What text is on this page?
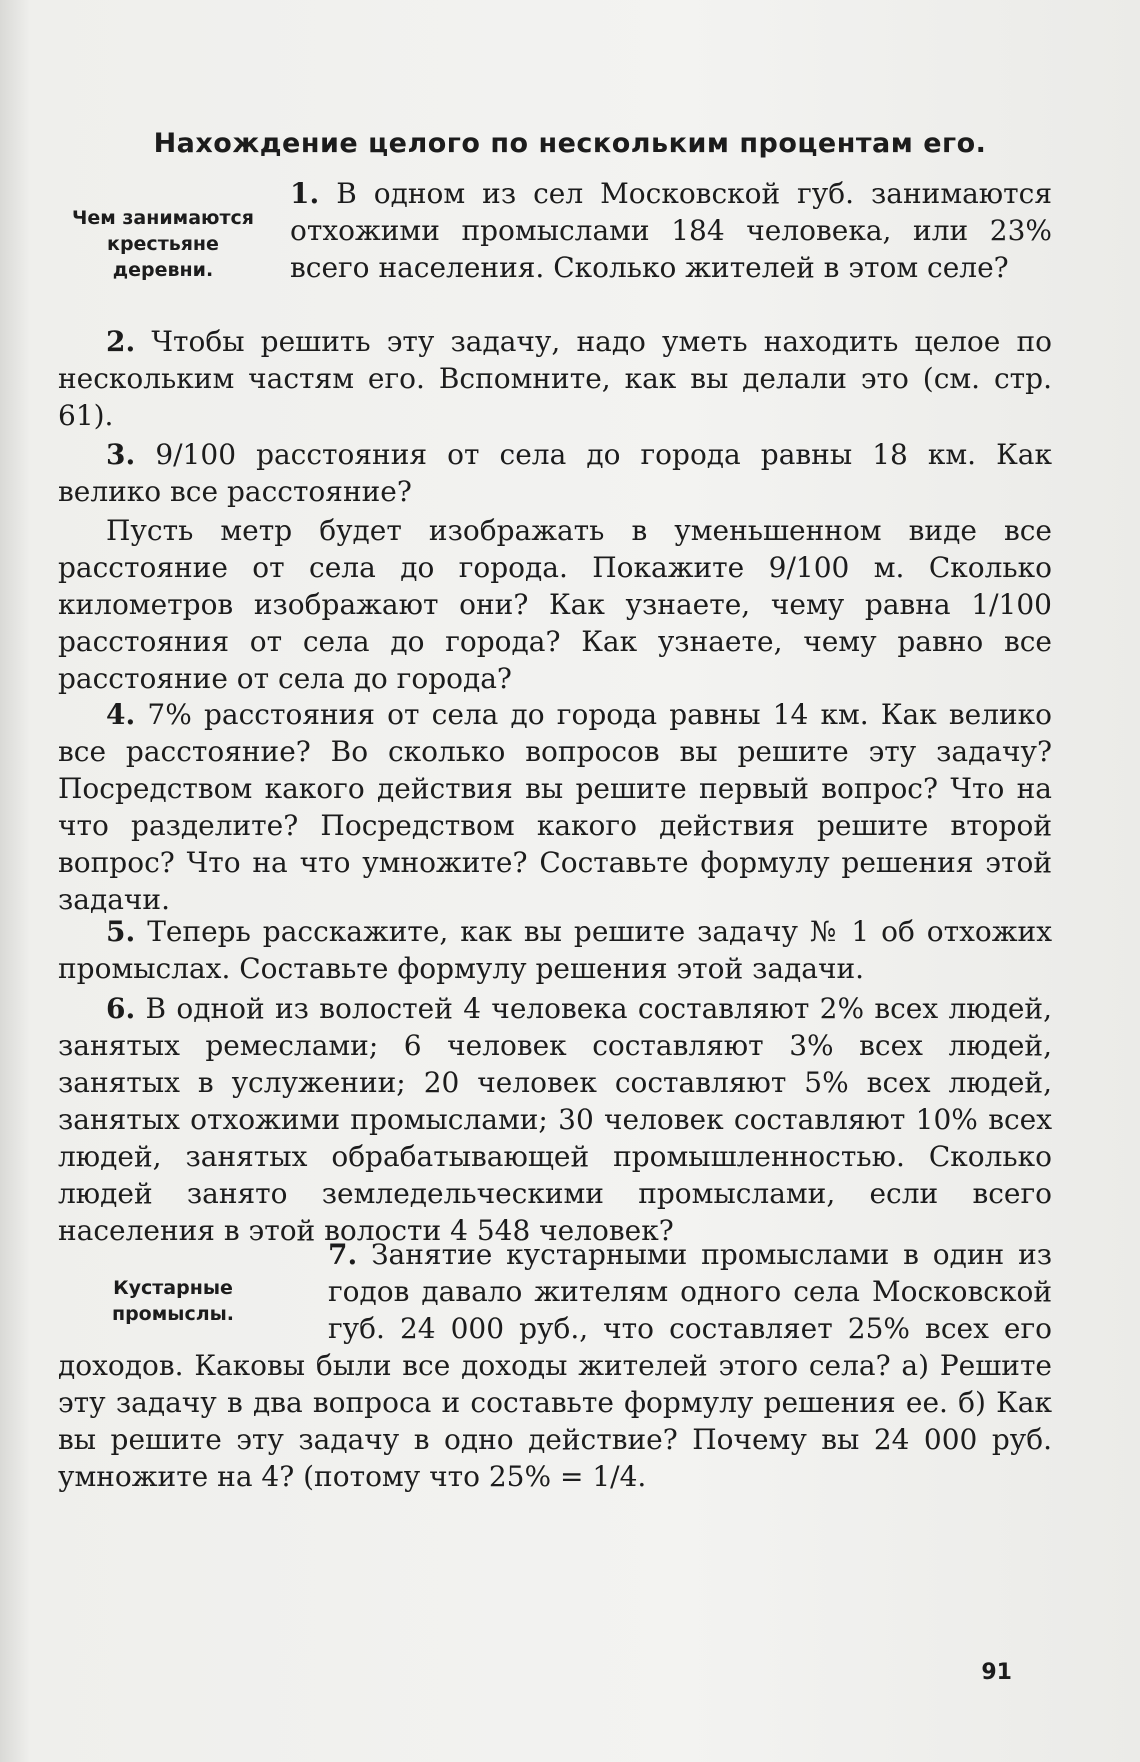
Нахождение целого по нескольким процентам его.
Чем занимаются крестьяне деревни.
1. В одном из сел Московской губ. занимаются отхожими промыслами 184 человека, или 23% всего населения. Сколько жителей в этом селе?
2. Чтобы решить эту задачу, надо уметь находить целое по нескольким частям его. Вспомните, как вы делали это (см. стр. 61).
3. 9/100 расстояния от села до города равны 18 км. Как велико все расстояние?
Пусть метр будет изображать в уменьшенном виде все расстояние от села до города. Покажите 9/100 м. Сколько километров изображают они? Как узнаете, чему равна 1/100 расстояния от села до города? Как узнаете, чему равно все расстояние от села до города?
4. 7% расстояния от села до города равны 14 км. Как велико все расстояние? Во сколько вопросов вы решите эту задачу? Посредством какого действия вы решите первый вопрос? Что на что разделите? Посредством какого действия решите второй вопрос? Что на что умножите? Составьте формулу решения этой задачи.
5. Теперь расскажите, как вы решите задачу № 1 об отхожих промыслах. Составьте формулу решения этой задачи.
6. В одной из волостей 4 человека составляют 2% всех людей, занятых ремеслами; 6 человек составляют 3% всех людей, занятых в услужении; 20 человек составляют 5% всех людей, занятых отхожими промыслами; 30 человек составляют 10% всех людей, занятых обрабатывающей промышленностью. Сколько людей занято земледельческими промыслами, если всего населения в этой волости 4 548 человек?
Кустарные промыслы.
7. Занятие кустарными промыслами в один из годов давало жителям одного села Московской губ. 24 000 руб., что составляет 25% всех его доходов. Каковы были все доходы жителей этого села? а) Решите эту задачу в два вопроса и составьте формулу решения ее. б) Как вы решите эту задачу в одно действие? Почему вы 24 000 руб. умножите на 4? (потому что 25% = 1/4.
91
